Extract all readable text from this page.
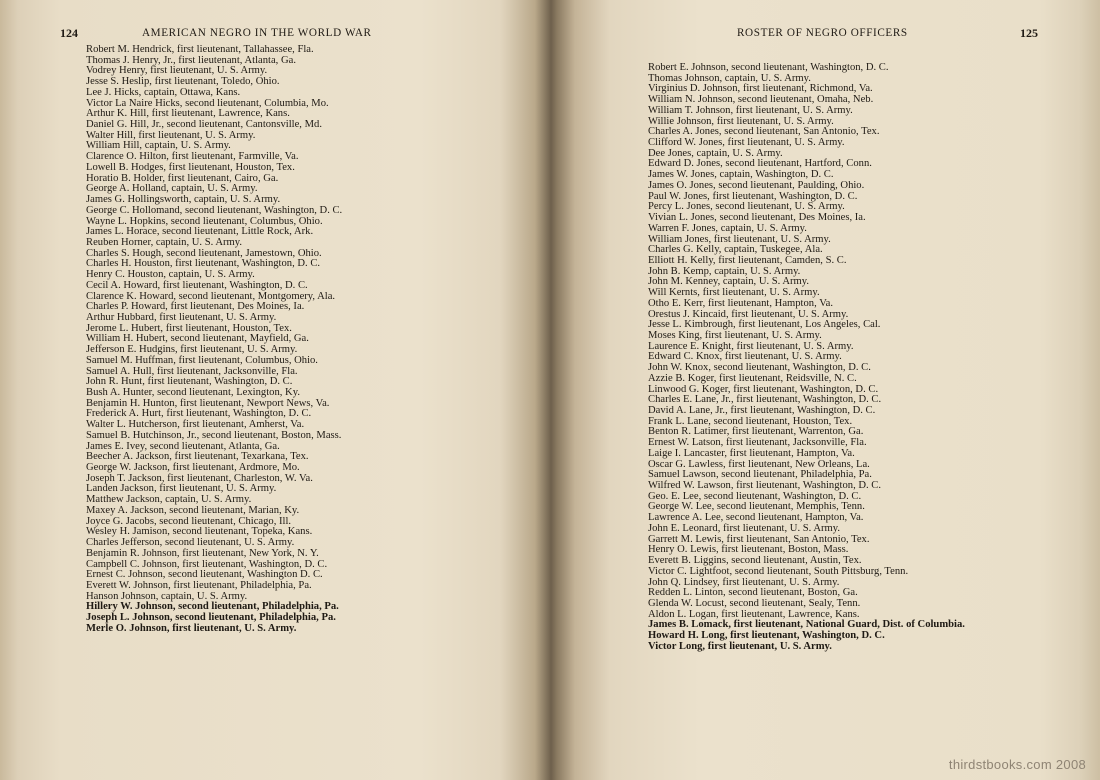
124	AMERICAN NEGRO IN THE WORLD WAR
Robert M. Hendrick, first lieutenant, Tallahassee, Fla.
Thomas J. Henry, Jr., first lieutenant, Atlanta, Ga.
Vodrey Henry, first lieutenant, U. S. Army.
Jesse S. Heslip, first lieutenant, Toledo, Ohio.
Lee J. Hicks, captain, Ottawa, Kans.
Victor La Naire Hicks, second lieutenant, Columbia, Mo.
Arthur K. Hill, first lieutenant, Lawrence, Kans.
Daniel G. Hill, Jr., second lieutenant, Cantonsville, Md.
Walter Hill, first lieutenant, U. S. Army.
William Hill, captain, U. S. Army.
Clarence O. Hilton, first lieutenant, Farmville, Va.
Lowell B. Hodges, first lieutenant, Houston, Tex.
Horatio B. Holder, first lieutenant, Cairo, Ga.
George A. Holland, captain, U. S. Army.
James G. Hollingsworth, captain, U. S. Army.
George C. Hollomand, second lieutenant, Washington, D. C.
Wayne L. Hopkins, second lieutenant, Columbus, Ohio.
James L. Horace, second lieutenant, Little Rock, Ark.
Reuben Horner, captain, U. S. Army.
Charles S. Hough, second lieutenant, Jamestown, Ohio.
Charles H. Houston, first lieutenant, Washington, D. C.
Henry C. Houston, captain, U. S. Army.
Cecil A. Howard, first lieutenant, Washington, D. C.
Clarence K. Howard, second lieutenant, Montgomery, Ala.
Charles P. Howard, first lieutenant, Des Moines, Ia.
Arthur Hubbard, first lieutenant, U. S. Army.
Jerome L. Hubert, first lieutenant, Houston, Tex.
William H. Hubert, second lieutenant, Mayfield, Ga.
Jefferson E. Hudgins, first lieutenant, U. S. Army.
Samuel M. Huffman, first lieutenant, Columbus, Ohio.
Samuel A. Hull, first lieutenant, Jacksonville, Fla.
John R. Hunt, first lieutenant, Washington, D. C.
Bush A. Hunter, second lieutenant, Lexington, Ky.
Benjamin H. Hunton, first lieutenant, Newport News, Va.
Frederick A. Hurt, first lieutenant, Washington, D. C.
Walter L. Hutcherson, first lieutenant, Amherst, Va.
Samuel B. Hutchinson, Jr., second lieutenant, Boston, Mass.
James E. Ivey, second lieutenant, Atlanta, Ga.
Beecher A. Jackson, first lieutenant, Texarkana, Tex.
George W. Jackson, first lieutenant, Ardmore, Mo.
Joseph T. Jackson, first lieutenant, Charleston, W. Va.
Landen Jackson, first lieutenant, U. S. Army.
Matthew Jackson, captain, U. S. Army.
Maxey A. Jackson, second lieutenant, Marian, Ky.
Joyce G. Jacobs, second lieutenant, Chicago, Ill.
Wesley H. Jamison, second lieutenant, Topeka, Kans.
Charles Jefferson, second lieutenant, U. S. Army.
Benjamin R. Johnson, first lieutenant, New York, N. Y.
Campbell C. Johnson, first lieutenant, Washington, D. C.
Ernest C. Johnson, second lieutenant, Washington D. C.
Everett W. Johnson, first lieutenant, Philadelphia, Pa.
Hanson Johnson, captain, U. S. Army.
Hillery W. Johnson, second lieutenant, Philadelphia, Pa.
Joseph L. Johnson, second lieutenant, Philadelphia, Pa.
Merle O. Johnson, first lieutenant, U. S. Army.
ROSTER OF NEGRO OFFICERS	125
Robert E. Johnson, second lieutenant, Washington, D. C.
Thomas Johnson, captain, U. S. Army.
Virginius D. Johnson, first lieutenant, Richmond, Va.
William N. Johnson, second lieutenant, Omaha, Neb.
William T. Johnson, first lieutenant, U. S. Army.
Willie Johnson, first lieutenant, U. S. Army.
Charles A. Jones, second lieutenant, San Antonio, Tex.
Clifford W. Jones, first lieutenant, U. S. Army.
Dee Jones, captain, U. S. Army.
Edward D. Jones, second lieutenant, Hartford, Conn.
James W. Jones, captain, Washington, D. C.
James O. Jones, second lieutenant, Paulding, Ohio.
Paul W. Jones, first lieutenant, Washington, D. C.
Percy L. Jones, second lieutenant, U. S. Army.
Vivian L. Jones, second lieutenant, Des Moines, Ia.
Warren F. Jones, captain, U. S. Army.
William Jones, first lieutenant, U. S. Army.
Charles G. Kelly, captain, Tuskegee, Ala.
Elliott H. Kelly, first lieutenant, Camden, S. C.
John B. Kemp, captain, U. S. Army.
John M. Kenney, captain, U. S. Army.
Will Kernts, first lieutenant, U. S. Army.
Otho E. Kerr, first lieutenant, Hampton, Va.
Orestus J. Kincaid, first lieutenant, U. S. Army.
Jesse L. Kimbrough, first lieutenant, Los Angeles, Cal.
Moses King, first lieutenant, U. S. Army.
Laurence E. Knight, first lieutenant, U. S. Army.
Edward C. Knox, first lieutenant, U. S. Army.
John W. Knox, second lieutenant, Washington, D. C.
Azzie B. Koger, first lieutenant, Reidsville, N. C.
Linwood G. Koger, first lieutenant, Washington, D. C.
Charles E. Lane, Jr., first lieutenant, Washington, D. C.
David A. Lane, Jr., first lieutenant, Washington, D. C.
Frank L. Lane, second lieutenant, Houston, Tex.
Benton R. Latimer, first lieutenant, Warrenton, Ga.
Ernest W. Latson, first lieutenant, Jacksonville, Fla.
Laige I. Lancaster, first lieutenant, Hampton, Va.
Oscar G. Lawless, first lieutenant, New Orleans, La.
Samuel Lawson, second lieutenant, Philadelphia, Pa.
Wilfred W. Lawson, first lieutenant, Washington, D. C.
Geo. E. Lee, second lieutenant, Washington, D. C.
George W. Lee, second lieutenant, Memphis, Tenn.
Lawrence A. Lee, second lieutenant, Hampton, Va.
John E. Leonard, first lieutenant, U. S. Army.
Garrett M. Lewis, first lieutenant, San Antonio, Tex.
Henry O. Lewis, first lieutenant, Boston, Mass.
Everett B. Liggins, second lieutenant, Austin, Tex.
Victor C. Lightfoot, second lieutenant, South Pittsburg, Tenn.
John Q. Lindsey, first lieutenant, U. S. Army.
Redden L. Linton, second lieutenant, Boston, Ga.
Glenda W. Locust, second lieutenant, Sealy, Tenn.
Aldon L. Logan, first lieutenant, Lawrence, Kans.
James B. Lomack, first lieutenant, National Guard, Dist. of Columbia.
Howard H. Long, first lieutenant, Washington, D. C.
Victor Long, first lieutenant, U. S. Army.
thirdstbooks.com 2008
